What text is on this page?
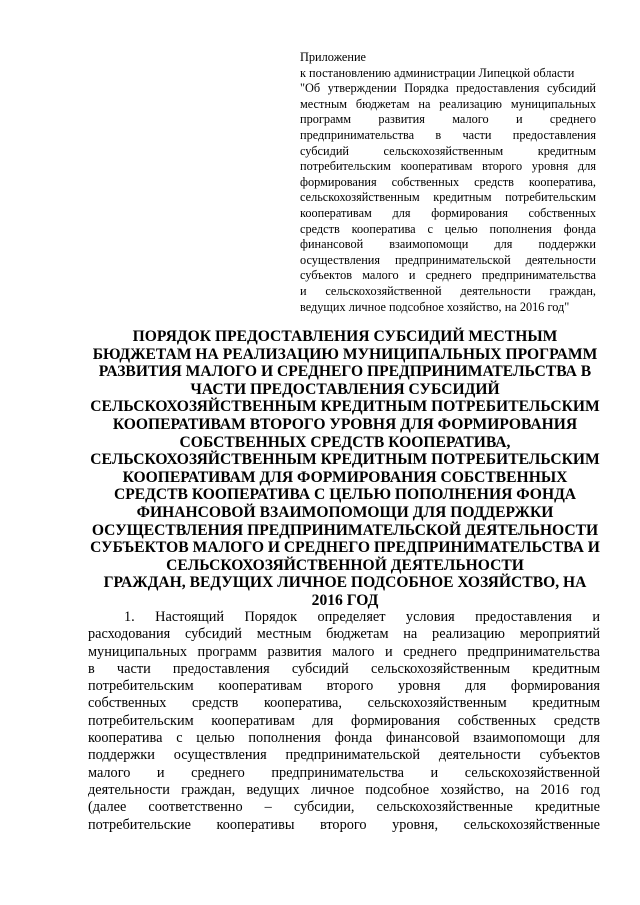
Приложение
к постановлению администрации Липецкой области
"Об утверждении Порядка предоставления субсидий
местным бюджетам на реализацию муниципальных
программ развития малого и среднего
предпринимательства в части предоставления
субсидий сельскохозяйственным кредитным
потребительским кооперативам второго уровня для
формирования собственных средств кооператива,
сельскохозяйственным кредитным потребительским
кооперативам для формирования собственных
средств кооператива с целью пополнения фонда
финансовой взаимопомощи для поддержки
осуществления предпринимательской деятельности
субъектов малого и среднего предпринимательства
и сельскохозяйственной деятельности граждан,
ведущих личное подсобное хозяйство, на 2016 год"
ПОРЯДОК ПРЕДОСТАВЛЕНИЯ СУБСИДИЙ МЕСТНЫМ
БЮДЖЕТАМ НА РЕАЛИЗАЦИЮ МУНИЦИПАЛЬНЫХ ПРОГРАММ
РАЗВИТИЯ МАЛОГО И СРЕДНЕГО ПРЕДПРИНИМАТЕЛЬСТВА В
ЧАСТИ ПРЕДОСТАВЛЕНИЯ СУБСИДИЙ
СЕЛЬСКОХОЗЯЙСТВЕННЫМ КРЕДИТНЫМ ПОТРЕБИТЕЛЬСКИМ
КООПЕРАТИВАМ ВТОРОГО УРОВНЯ ДЛЯ ФОРМИРОВАНИЯ
СОБСТВЕННЫХ СРЕДСТВ КООПЕРАТИВА,
СЕЛЬСКОХОЗЯЙСТВЕННЫМ КРЕДИТНЫМ ПОТРЕБИТЕЛЬСКИМ
КООПЕРАТИВАМ ДЛЯ ФОРМИРОВАНИЯ СОБСТВЕННЫХ
СРЕДСТВ КООПЕРАТИВА С ЦЕЛЬЮ ПОПОЛНЕНИЯ ФОНДА
ФИНАНСОВОЙ ВЗАИМОПОМОЩИ ДЛЯ ПОДДЕРЖКИ
ОСУЩЕСТВЛЕНИЯ ПРЕДПРИНИМАТЕЛЬСКОЙ ДЕЯТЕЛЬНОСТИ
СУБЪЕКТОВ МАЛОГО И СРЕДНЕГО ПРЕДПРИНИМАТЕЛЬСТВА И
СЕЛЬСКОХОЗЯЙСТВЕННОЙ ДЕЯТЕЛЬНОСТИ
ГРАЖДАН, ВЕДУЩИХ ЛИЧНОЕ ПОДСОБНОЕ ХОЗЯЙСТВО, НА
2016 ГОД
1. Настоящий Порядок определяет условия предоставления и
расходования субсидий местным бюджетам на реализацию мероприятий
муниципальных программ развития малого и среднего предпринимательства
в части предоставления субсидий сельскохозяйственным кредитным
потребительским кооперативам второго уровня для формирования
собственных средств кооператива, сельскохозяйственным кредитным
потребительским кооперативам для формирования собственных средств
кооператива с целью пополнения фонда финансовой взаимопомощи для
поддержки осуществления предпринимательской деятельности субъектов
малого и среднего предпринимательства и сельскохозяйственной
деятельности граждан, ведущих личное подсобное хозяйство, на 2016 год
(далее соответственно – субсидии, сельскохозяйственные кредитные
потребительские кооперативы второго уровня, сельскохозяйственные
